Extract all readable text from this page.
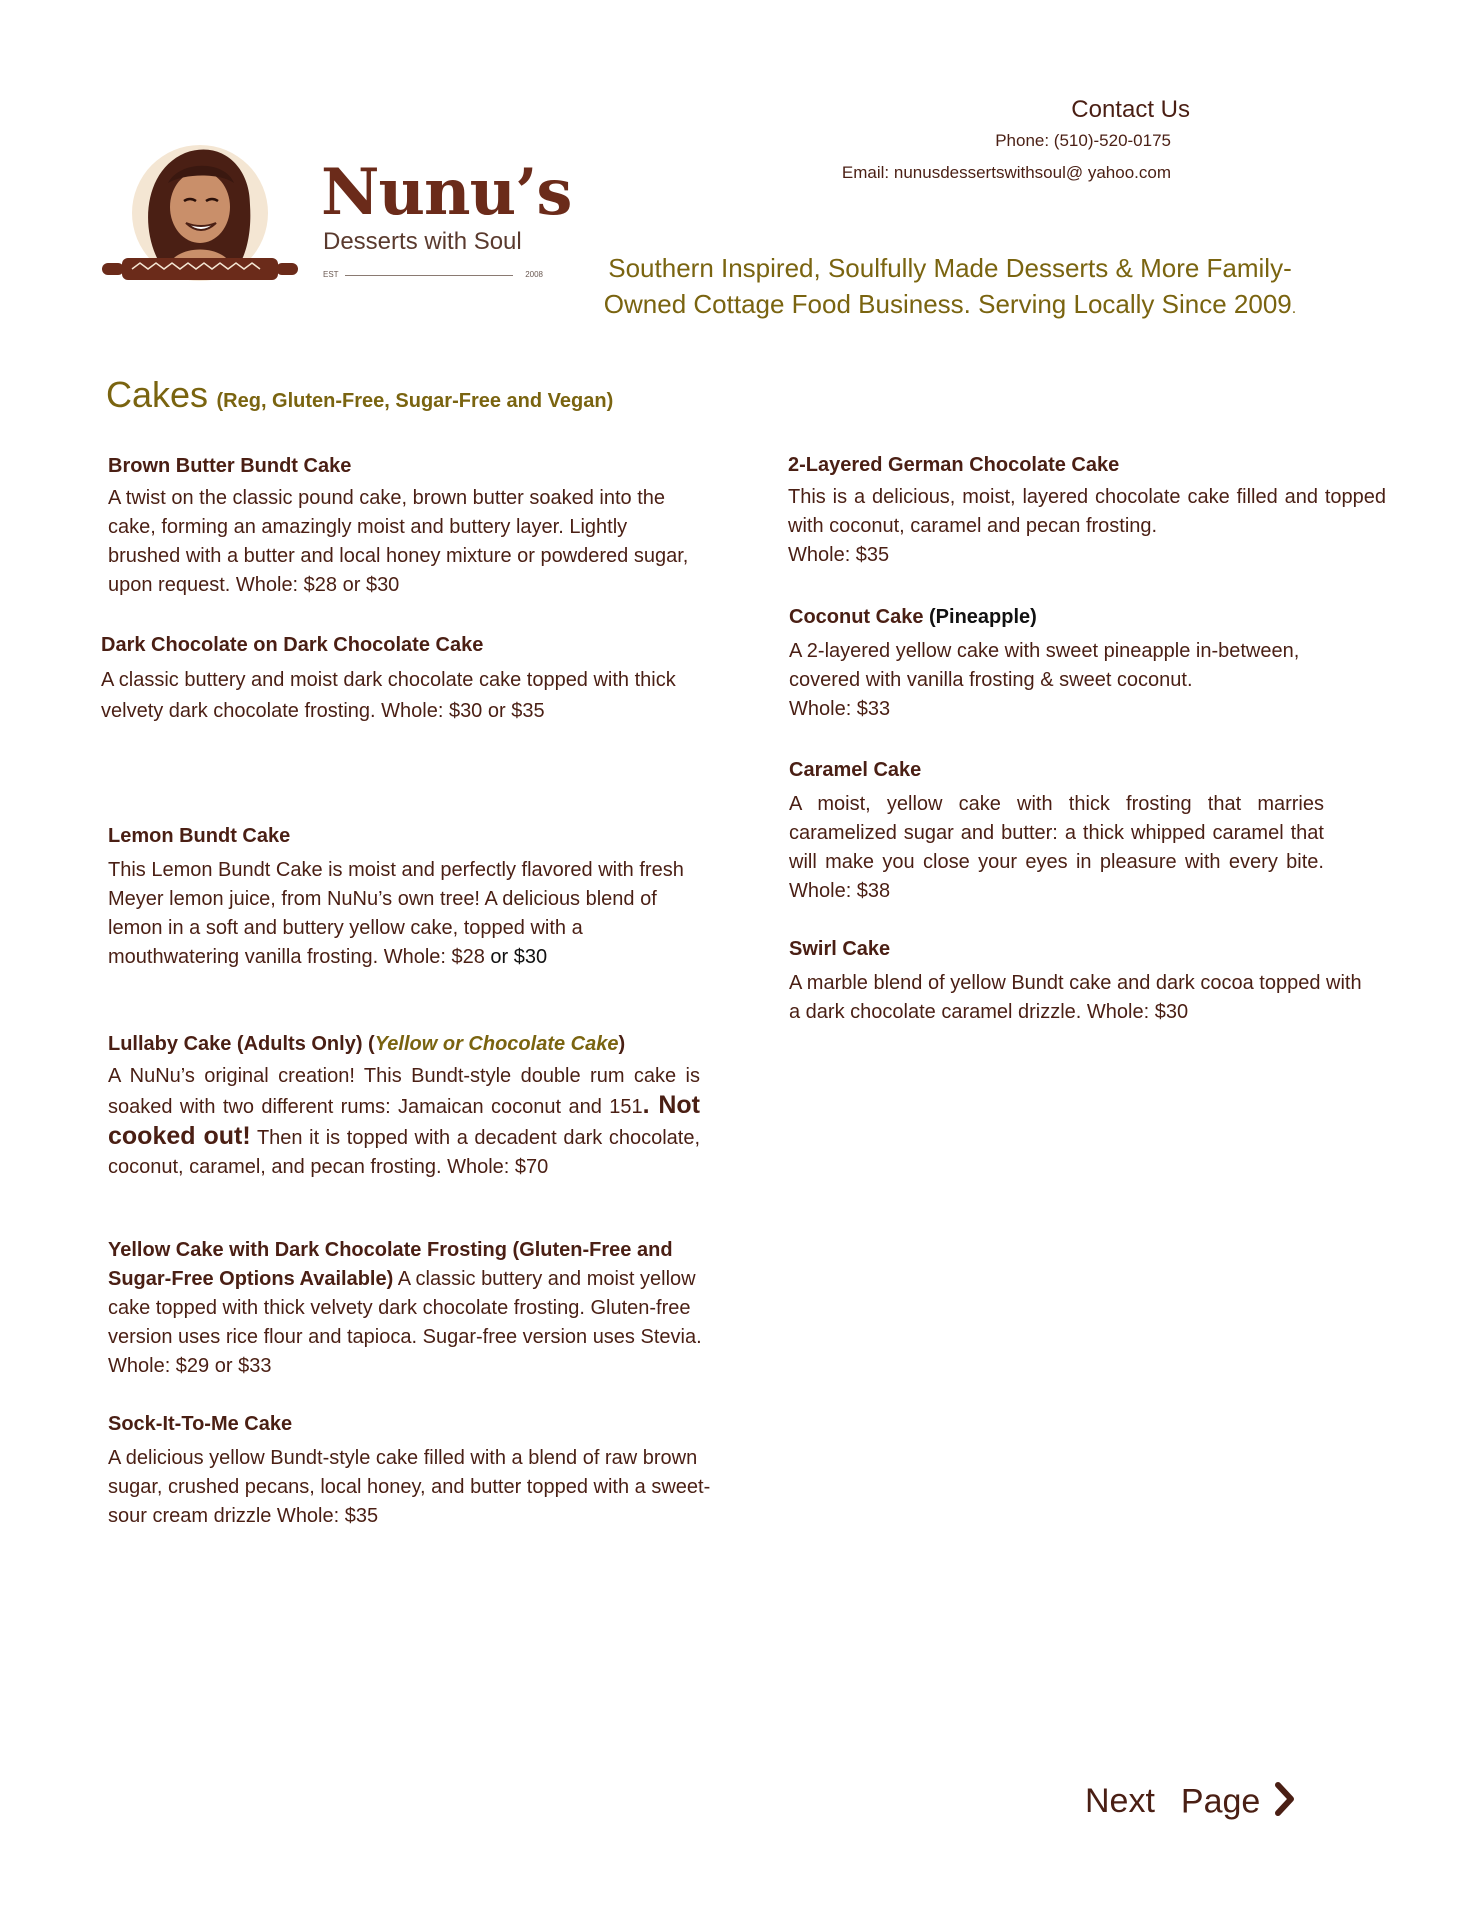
Contact Us
Phone: (510)-520-0175
Email: nunusdessertswithsoul@ yahoo.com
Nunu’s
Desserts with Soul
EST	2008	Southern Inspired, Soulfully Made Desserts & More Family-
Owned Cottage Food Business. Serving Locally Since 2009.
Cakes (Reg, Gluten-Free, Sugar-Free and Vegan)
Brown Butter Bundt Cake
A twist on the classic pound cake, brown butter soaked into the cake, forming an amazingly moist and buttery layer. Lightly brushed with a butter and local honey mixture or powdered sugar, upon request. Whole: $28 or $30
Dark Chocolate on Dark Chocolate Cake
A classic buttery and moist dark chocolate cake topped with thick velvety dark chocolate frosting. Whole: $30 or $35
Lemon Bundt Cake
This Lemon Bundt Cake is moist and perfectly flavored with fresh Meyer lemon juice, from NuNu’s own tree! A delicious blend of lemon in a soft and buttery yellow cake, topped with a mouthwatering vanilla frosting. Whole: $28 or $30
Lullaby Cake (Adults Only) (Yellow or Chocolate Cake)
A NuNu’s original creation! This Bundt-style double rum cake is soaked with two different rums: Jamaican coconut and 151. Not cooked out! Then it is topped with a decadent dark chocolate, coconut, caramel, and pecan frosting. Whole: $70
Yellow Cake with Dark Chocolate Frosting (Gluten-Free and Sugar-Free Options Available) A classic buttery and moist yellow cake topped with thick velvety dark chocolate frosting. Gluten-free version uses rice flour and tapioca. Sugar-free version uses Stevia. Whole: $29 or $33
Sock-It-To-Me Cake
A delicious yellow Bundt-style cake filled with a blend of raw brown sugar, crushed pecans, local honey, and butter topped with a sweet-sour cream drizzle Whole: $35
2-Layered German Chocolate Cake
This is a delicious, moist, layered chocolate cake filled and topped with coconut, caramel and pecan frosting.
Whole: $35
Coconut Cake (Pineapple)
A 2-layered yellow cake with sweet pineapple in-between, covered with vanilla frosting & sweet coconut.
Whole: $33
Caramel Cake
A moist, yellow cake with thick frosting that marries caramelized sugar and butter: a thick whipped caramel that will make you close your eyes in pleasure with every bite. Whole: $38
Swirl Cake
A marble blend of yellow Bundt cake and dark cocoa topped with a dark chocolate caramel drizzle. Whole: $30
Next Page
